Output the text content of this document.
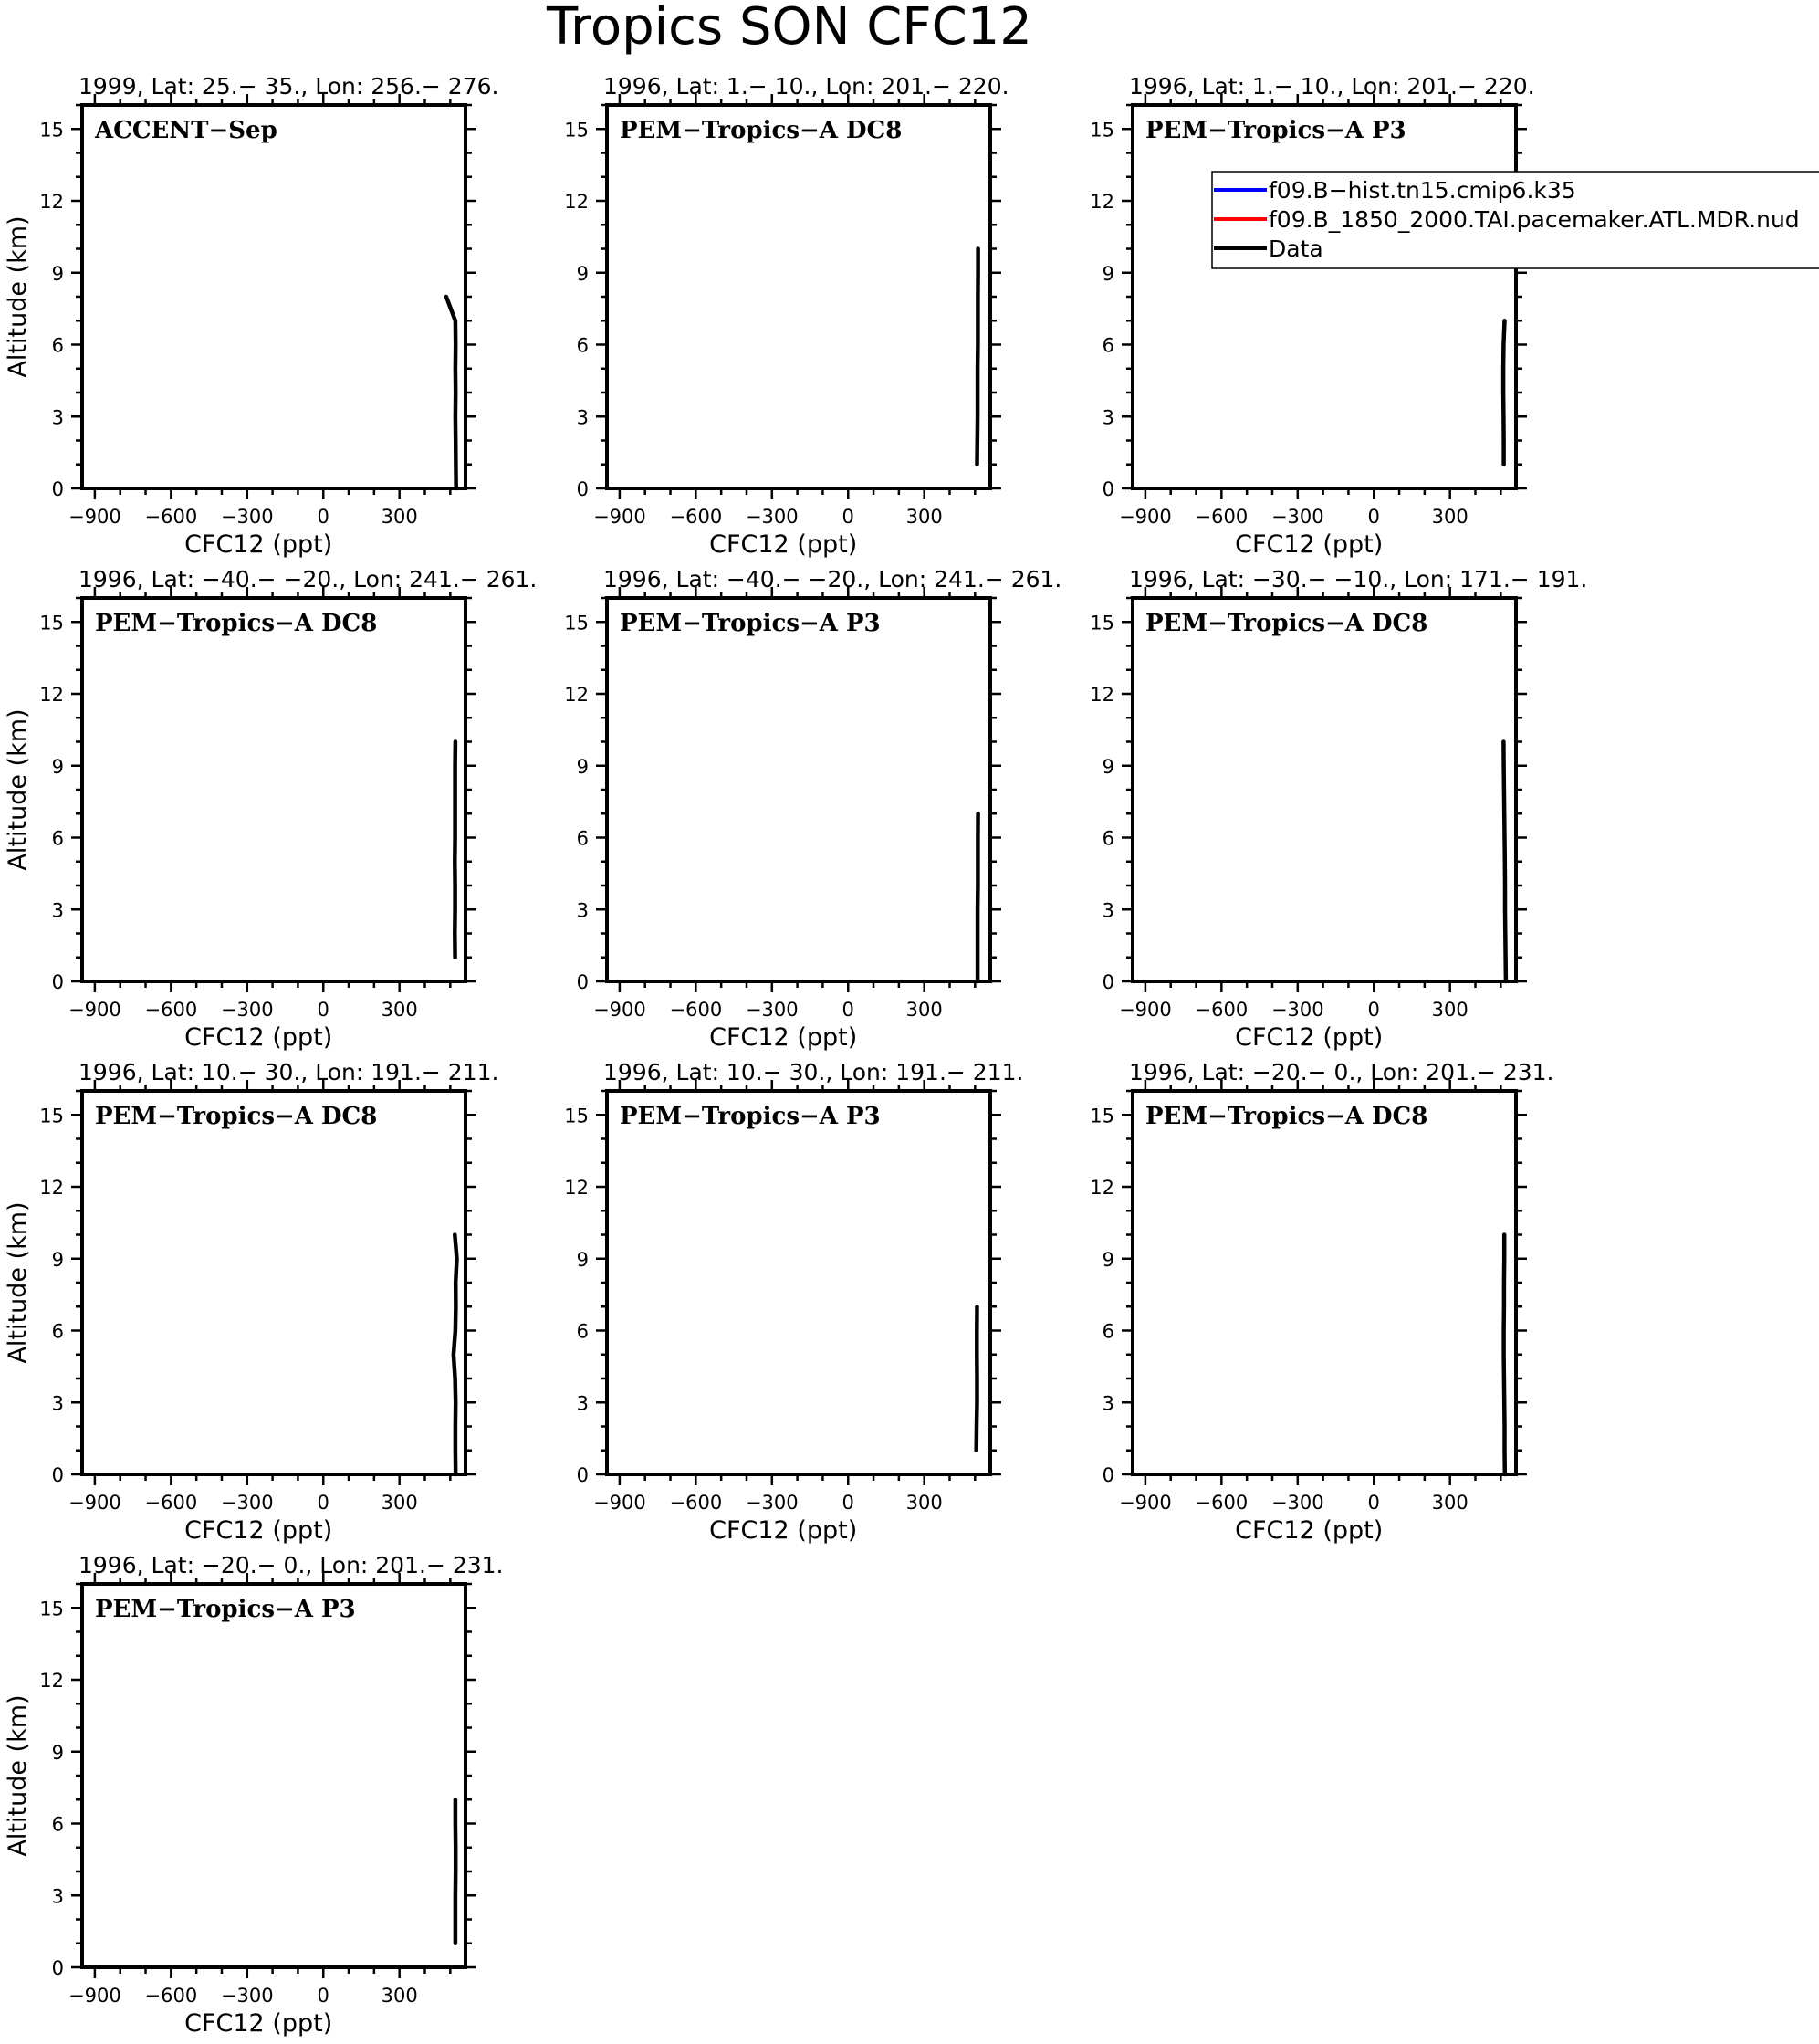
Tropics SON CFC12
1999, Lat: 25.− 35., Lon: 256.− 276.
ACCENT−Sep
−900 −600 −300 0	300
CFC12 (ppt)
0
3
6
9
12
15
Altitude (km)
1996, Lat: 1.− 10., Lon: 201.− 220.
PEM−Tropics−A DC8
−900 −600 −300 0	300
CFC12 (ppt)
0
3
6
9
12
15
1996, Lat: 1.− 10., Lon: 201.− 220.
PEM−Tropics−A P3
−900 −600 −300 0	300
CFC12 (ppt)
0
3
6
9
12
15
1996, Lat: −40.− −20., Lon: 241.− 261.
PEM−Tropics−A DC8
−900 −600 −300 0	300
CFC12 (ppt)
0
3
6
9
12
15
Altitude (km)
1996, Lat: −40.− −20., Lon: 241.− 261.
PEM−Tropics−A P3
−900 −600 −300 0	300
CFC12 (ppt)
0
3
6
9
12
15
1996, Lat: −30.− −10., Lon: 171.− 191.
PEM−Tropics−A DC8
−900 −600 −300 0	300
CFC12 (ppt)
0
3
6
9
12
15
1996, Lat: 10.− 30., Lon: 191.− 211.
PEM−Tropics−A DC8
−900 −600 −300 0	300
CFC12 (ppt)
0
3
6
9
12
15
Altitude (km)
1996, Lat: 10.− 30., Lon: 191.− 211.
PEM−Tropics−A P3
−900 −600 −300 0	300
CFC12 (ppt)
0
3
6
9
12
15
1996, Lat: −20.− 0., Lon: 201.− 231.
PEM−Tropics−A DC8
−900 −600 −300 0	300
CFC12 (ppt)
0
3
6
9
12
15
1996, Lat: −20.− 0., Lon: 201.− 231.
PEM−Tropics−A P3
−900 −600 −300 0	300
CFC12 (ppt)
0
3
6
9
12
15
Altitude (km)
f09.B−hist.tn15.cmip6.k35
f09.B_1850_2000.TAI.pacemaker.ATL.MDR.nud
Data
